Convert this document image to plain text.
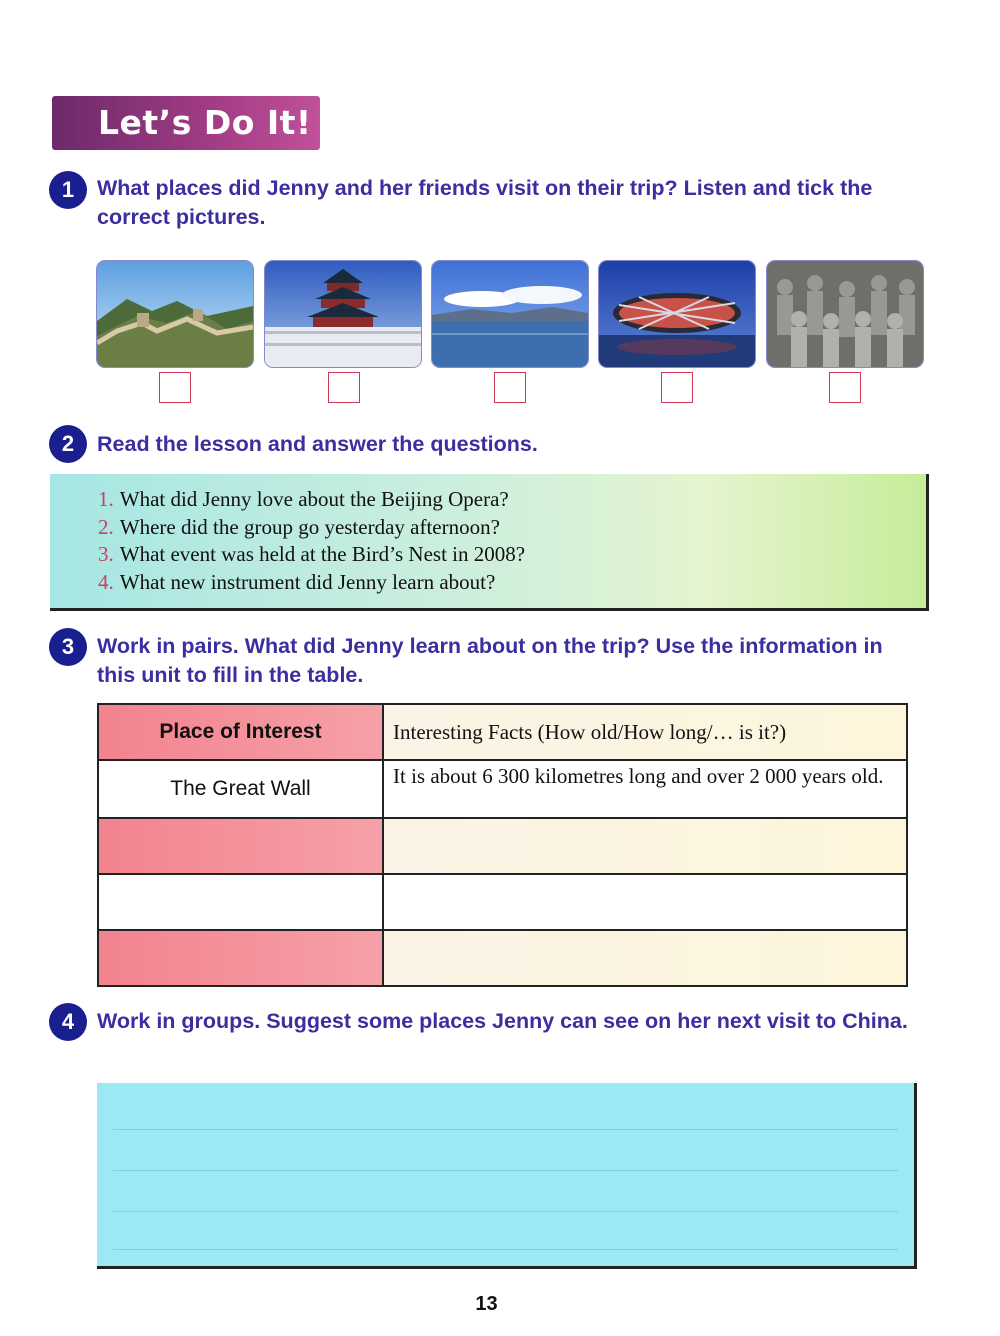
Let’s Do It!
1	What places did Jenny and her friends visit on their trip? Listen and tick the correct pictures.
2	Read the lesson and answer the questions.
1. What did Jenny love about the Beijing Opera?
2. Where did the group go yesterday afternoon?
3. What event was held at the Bird’s Nest in 2008?
4. What new instrument did Jenny learn about?
3	Work in pairs. What did Jenny learn about on the trip? Use the information in this unit to fill in the table.
Place of Interest	Interesting Facts (How old/How long/… is it?)
The Great Wall	It is about 6 300 kilometres long and over 2 000 years old.

4	Work in groups. Suggest some places Jenny can see on her next visit to China.
13
